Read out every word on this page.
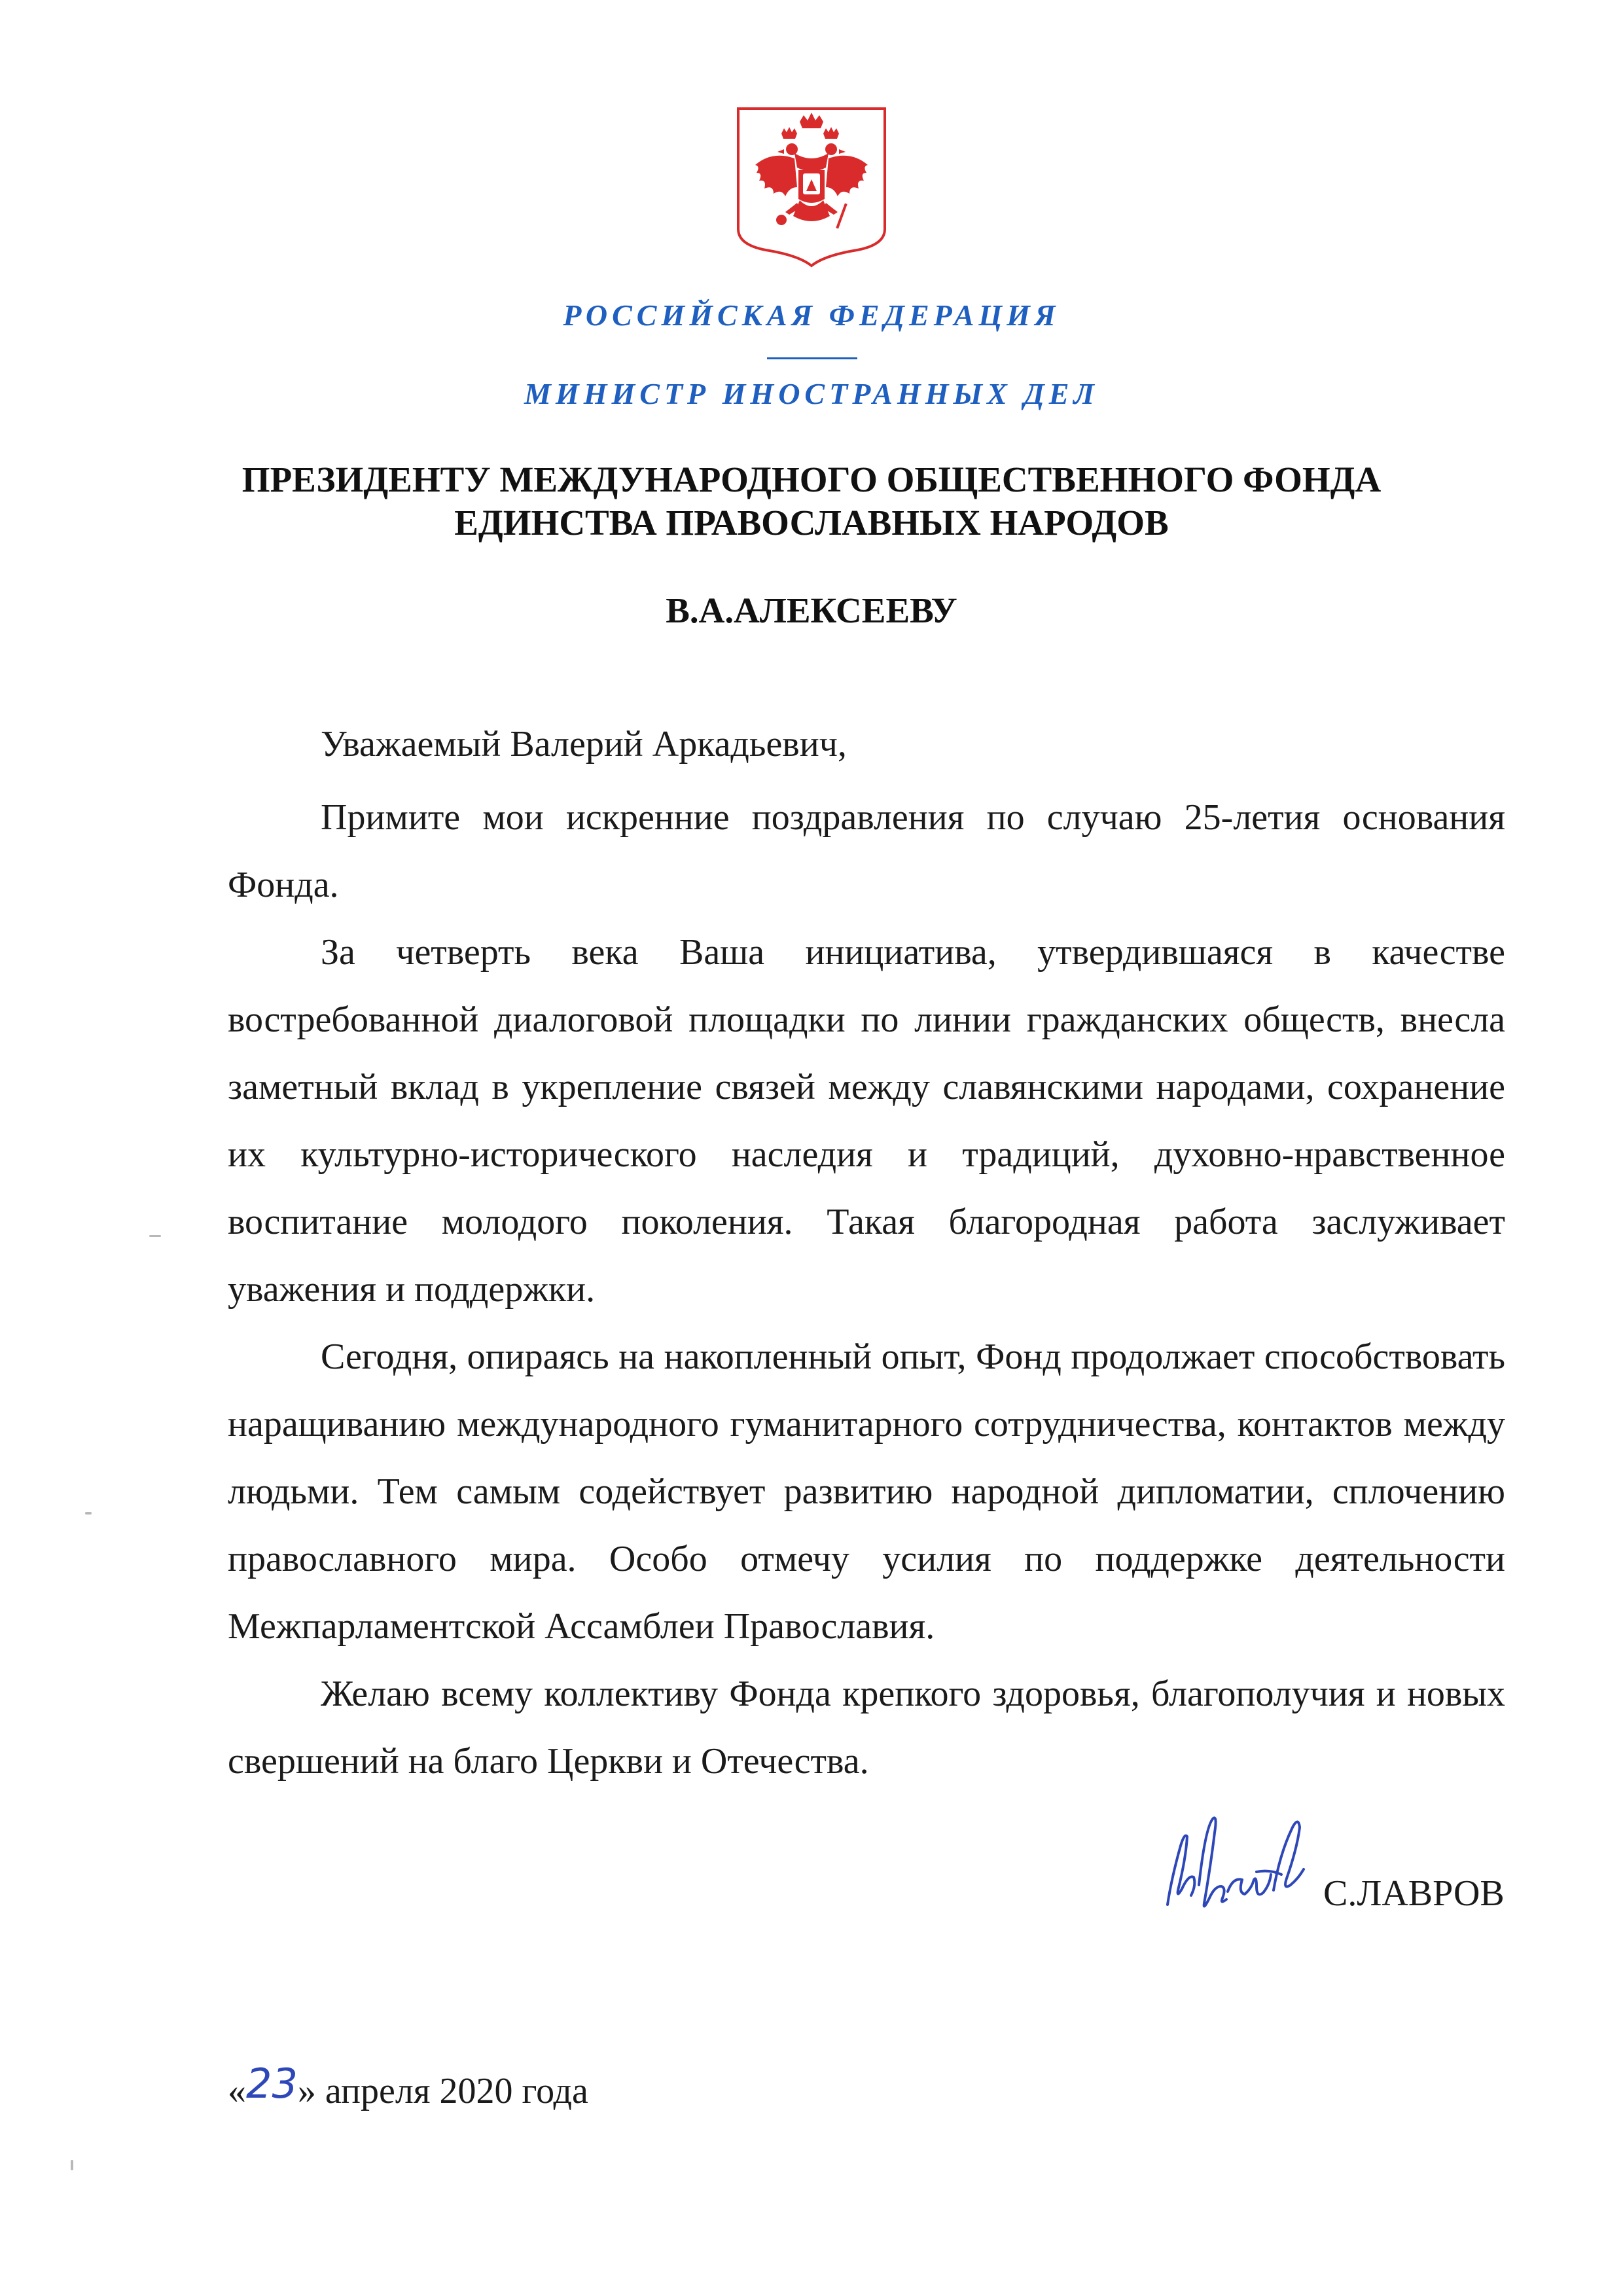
РОССИЙСКАЯ ФЕДЕРАЦИЯ
МИНИСТР ИНОСТРАННЫХ ДЕЛ
ПРЕЗИДЕНТУ МЕЖДУНАРОДНОГО ОБЩЕСТВЕННОГО ФОНДА
ЕДИНСТВА ПРАВОСЛАВНЫХ НАРОДОВ
В.А.АЛЕКСЕЕВУ
Уважаемый Валерий Аркадьевич,

Примите мои искренние поздравления по случаю 25-летия основания Фонда.

За четверть века Ваша инициатива, утвердившаяся в качестве востребованной диалоговой площадки по линии гражданских обществ, внесла заметный вклад в укрепление связей между славянскими народами, сохранение их культурно-исторического наследия и традиций, духовно-нравственное воспитание молодого поколения. Такая благородная работа заслуживает уважения и поддержки.

Сегодня, опираясь на накопленный опыт, Фонд продолжает способствовать наращиванию международного гуманитарного сотрудничества, контактов между людьми. Тем самым содействует развитию народной дипломатии, сплочению православного мира. Особо отмечу усилия по поддержке деятельности Межпарламентской Ассамблеи Православия.

Желаю всему коллективу Фонда крепкого здоровья, благополучия и новых свершений на благо Церкви и Отечества.

С.ЛАВРОВ
«23» апреля 2020 года
